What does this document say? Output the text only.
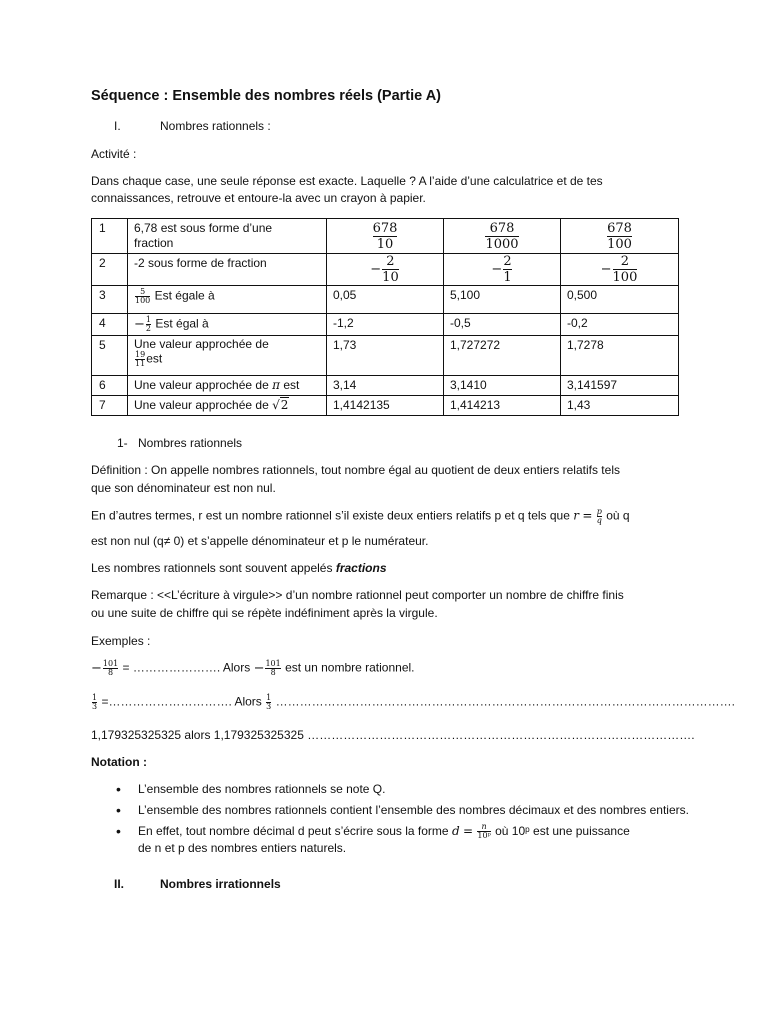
Séquence : Ensemble des nombres réels (Partie A)
I.	Nombres rationnels :
Activité :
Dans chaque case, une seule réponse est exacte. Laquelle ? A l’aide d’une calculatrice et de tes
connaissances, retrouve et entoure-la avec un crayon à papier.
1	6,78 est sous forme d’une
fraction	$\frac{678}{10}$	$\frac{678}{1000}$	$\frac{678}{100}$

2	-2 sous forme de fraction	− $\frac{2}{10}$	− $\frac{2}{1}$	− $\frac{2}{100}$

3	$\frac{5}{100}$ Est égale à	0,05	5,100	0,500
4	− $\frac{1}{2}$ Est égal à	-1,2	-0,5	-0,2
5	Une valeur approchée de

$\frac{19}{11}$ est	1,73	1,727272	1,7278
6	Une valeur approchée de π est	3,14	3,1410	3,141597
7	Une valeur approchée de √2	1,4142135	1,414213	1,43
1- Nombres rationnels
Définition : On appelle nombres rationnels, tout nombre égal au quotient de deux entiers relatifs tels
que son dénominateur est non nul.
En d’autres termes, r est un nombre rationnel s’il existe deux entiers relatifs p et q tels que $r = \frac{p}{q}$ où q
est non nul (q≠ 0) et s’appelle dénominateur et p le numérateur.
Les nombres rationnels sont souvent appelés fractions
Remarque : <<L’écriture à virgule>> d’un nombre rationnel peut comporter un nombre de chiffre finis
ou une suite de chiffre qui se répète indéfiniment après la virgule.
Exemples :
− $\frac{101}{8}$ = …………………. Alors − $\frac{101}{8}$ est un nombre rationnel.
$\frac{1}{3}$ =…………………………. Alors $\frac{1}{3}$ …………………………………………………………………………………………………….
1,179325325325 alors 1,179325325325 …………………………………………………………………………………….
Notation :
• L’ensemble des nombres rationnels se note Q.
• L’ensemble des nombres rationnels contient l’ensemble des nombres décimaux et des nombres entiers.
• En effet, tout nombre décimal d peut s’écrire sous la forme $d = \frac{n}{\text{10ᵖ}}$ où 10ᵖ est une puissance
de n et p des nombres entiers naturels.
II.	Nombres irrationnels
